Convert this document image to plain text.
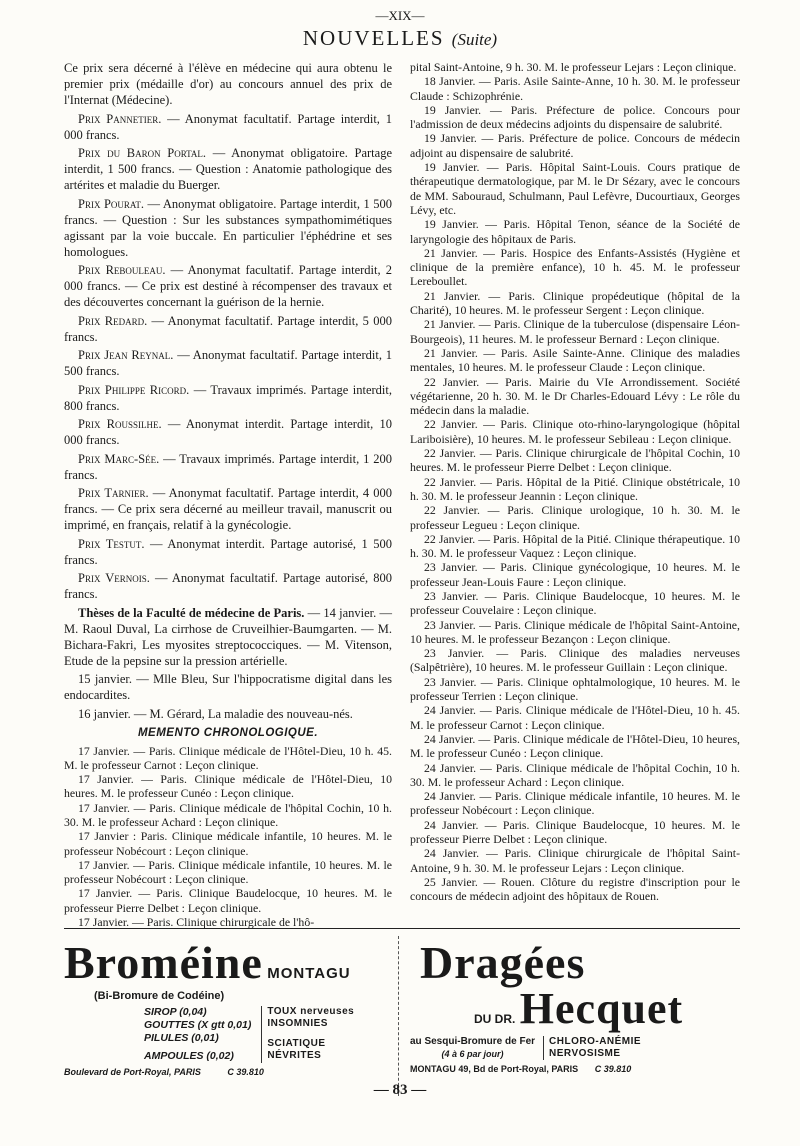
—XIX—
NOUVELLES (Suite)

Ce prix sera décerné à l'élève en médecine qui aura obtenu le premier prix (médaille d'or) au concours annuel des prix de l'Internat (Médecine).

Prix Pannetier. — Anonymat facultatif. Partage interdit, 1 000 francs.

Prix du Baron Portal. — Anonymat obligatoire. Partage interdit, 1 500 francs. — Question : Anatomie pathologique des artérites et maladie du Buerger.

Prix Pourat. — Anonymat obligatoire. Partage interdit, 1 500 francs. — Question : Sur les substances sympathomimétiques agissant par la voie buccale. En particulier l'éphédrine et ses homologues.

Prix Rebouleau. — Anonymat facultatif. Partage interdit, 2 000 francs. — Ce prix est destiné à récompenser des travaux et des découvertes concernant la guérison de la hernie.

Prix Redard. — Anonymat facultatif. Partage interdit, 5 000 francs.

Prix Jean Reynal. — Anonymat facultatif. Partage interdit, 1 500 francs.

Prix Philippe Ricord. — Travaux imprimés. Partage interdit, 800 francs.

Prix Roussilhe. — Anonymat interdit. Partage interdit, 10 000 francs.

Prix Marc-Sée. — Travaux imprimés. Partage interdit, 1 200 francs.

Prix Tarnier. — Anonymat facultatif. Partage interdit, 4 000 francs. — Ce prix sera décerné au meilleur travail, manuscrit ou imprimé, en français, relatif à la gynécologie.

Prix Testut. — Anonymat interdit. Partage autorisé, 1 500 francs.

Prix Vernois. — Anonymat facultatif. Partage autorisé, 800 francs.

Thèses de la Faculté de médecine de Paris. — 14 janvier. — M. Raoul Duval, La cirrhose de Cruveilhier-Baumgarten. — M. Bichara-Fakri, Les myosites streptococciques. — M. Vitenson, Etude de la pepsine sur la pression artérielle.

15 janvier. — Mlle Bleu, Sur l'hippocratisme digital dans les endocardites.

16 janvier. — M. Gérard, La maladie des nouveau-nés.

MEMENTO CHRONOLOGIQUE.

17 Janvier. — Paris. Clinique médicale de l'Hôtel-Dieu, 10 h. 45. M. le professeur Carnot : Leçon clinique.

17 Janvier. — Paris. Clinique médicale de l'Hôtel-Dieu, 10 heures. M. le professeur Cunéo : Leçon clinique.

17 Janvier. — Paris. Clinique médicale de l'hôpital Cochin, 10 h. 30. M. le professeur Achard : Leçon clinique.

17 Janvier : Paris. Clinique médicale infantile, 10 heures. M. le professeur Nobécourt : Leçon clinique.

17 Janvier. — Paris. Clinique médicale infantile, 10 heures. M. le professeur Nobécourt : Leçon clinique.

17 Janvier. — Paris. Clinique Baudelocque, 10 heures. M. le professeur Pierre Delbet : Leçon clinique.

17 Janvier. — Paris. Clinique chirurgicale de l'hô-

pital Saint-Antoine, 9 h. 30. M. le professeur Lejars : Leçon clinique.

18 Janvier. — Paris. Asile Sainte-Anne, 10 h. 30. M. le professeur Claude : Schizophrénie.

19 Janvier. — Paris. Préfecture de police. Concours pour l'admission de deux médecins adjoints du dispensaire de salubrité.

19 Janvier. — Paris. Préfecture de police. Concours de médecin adjoint au dispensaire de salubrité.

19 Janvier. — Paris. Hôpital Saint-Louis. Cours pratique de thérapeutique dermatologique, par M. le Dr Sézary, avec le concours de MM. Sabouraud, Schulmann, Paul Lefèvre, Ducourtiaux, Georges Lévy, etc.

19 Janvier. — Paris. Hôpital Tenon, séance de la Société de laryngologie des hôpitaux de Paris.

21 Janvier. — Paris. Hospice des Enfants-Assistés (Hygiène et clinique de la première enfance), 10 h. 45. M. le professeur Lereboullet.

21 Janvier. — Paris. Clinique propédeutique (hôpital de la Charité), 10 heures. M. le professeur Sergent : Leçon clinique.

21 Janvier. — Paris. Clinique de la tuberculose (dispensaire Léon-Bourgeois), 11 heures. M. le professeur Bernard : Leçon clinique.

21 Janvier. — Paris. Asile Sainte-Anne. Clinique des maladies mentales, 10 heures. M. le professeur Claude : Leçon clinique.

22 Janvier. — Paris. Mairie du VIe Arrondissement. Société végétarienne, 20 h. 30. M. le Dr Charles-Edouard Lévy : Le rôle du médecin dans la maladie.

22 Janvier. — Paris. Clinique oto-rhino-laryngologique (hôpital Lariboisière), 10 heures. M. le professeur Sebileau : Leçon clinique.

22 Janvier. — Paris. Clinique chirurgicale de l'hôpital Cochin, 10 heures. M. le professeur Pierre Delbet : Leçon clinique.

22 Janvier. — Paris. Hôpital de la Pitié. Clinique obstétricale, 10 h. 30. M. le professeur Jeannin : Leçon clinique.

22 Janvier. — Paris. Clinique urologique, 10 h. 30. M. le professeur Legueu : Leçon clinique.

22 Janvier. — Paris. Hôpital de la Pitié. Clinique thérapeutique. 10 h. 30. M. le professeur Vaquez : Leçon clinique.

23 Janvier. — Paris. Clinique gynécologique, 10 heures. M. le professeur Jean-Louis Faure : Leçon clinique.

23 Janvier. — Paris. Clinique Baudelocque, 10 heures. M. le professeur Couvelaire : Leçon clinique.

23 Janvier. — Paris. Clinique médicale de l'hôpital Saint-Antoine, 10 heures. M. le professeur Bezançon : Leçon clinique.

23 Janvier. — Paris. Clinique des maladies nerveuses (Salpêtrière), 10 heures. M. le professeur Guillain : Leçon clinique.

23 Janvier. — Paris. Clinique ophtalmologique, 10 heures. M. le professeur Terrien : Leçon clinique.

24 Janvier. — Paris. Clinique médicale de l'Hôtel-Dieu, 10 h. 45. M. le professeur Carnot : Leçon clinique.

24 Janvier. — Paris. Clinique médicale de l'Hôtel-Dieu, 10 heures, M. le professeur Cunéo : Leçon clinique.

24 Janvier. — Paris. Clinique médicale de l'hôpital Cochin, 10 h. 30. M. le professeur Achard : Leçon clinique.

24 Janvier. — Paris. Clinique médicale infantile, 10 heures. M. le professeur Nobécourt : Leçon clinique.

24 Janvier. — Paris. Clinique Baudelocque, 10 heures. M. le professeur Pierre Delbet : Leçon clinique.

24 Janvier. — Paris. Clinique chirurgicale de l'hôpital Saint-Antoine, 9 h. 30. M. le professeur Lejars : Leçon clinique.

25 Janvier. — Rouen. Clôture du registre d'inscription pour le concours de médecin adjoint des hôpitaux de Rouen.

Broméine MONTAGU
(Bi-Bromure de Codéine)
SIROP (0,04)
GOUTTES (X gtt 0,01)
PILULES (0,01)
AMPOULES (0,02)
TOUX nerveuses
INSOMNIES
SCIATIQUE
NÉVRITES
Boulevard de Port-Royal, PARIS	C 39.810
Dragées
DU DR. Hecquet
au Sesqui-Bromure de Fer
(4 à 6 par jour)
CHLORO-ANÉMIE
NERVOSISME
MONTAGU 49, Bd de Port-Royal, PARIS C 39.810
— 83 —
